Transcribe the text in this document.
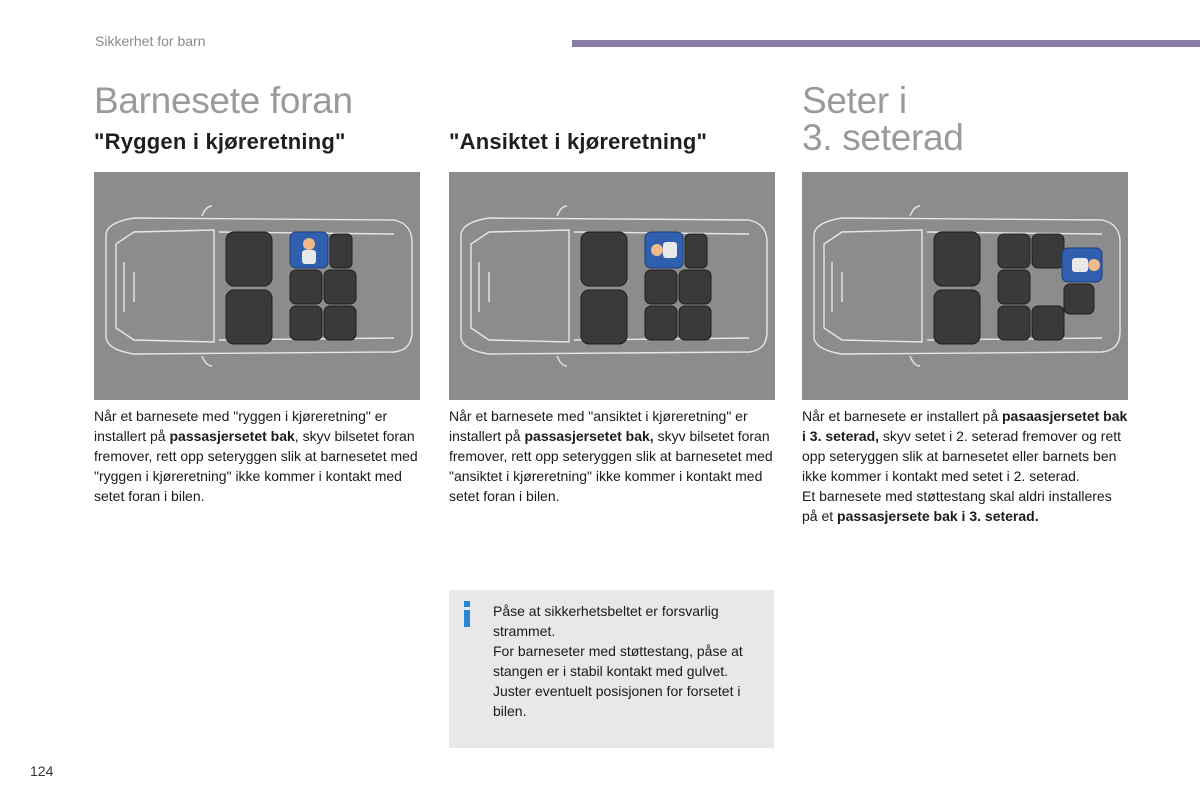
Sikkerhet for barn
Barnesete foran
"Ryggen i kjøreretning"
Når et barnesete med "ryggen i kjøreretning" er installert på passasjersetet bak, skyv bilsetet foran fremover, rett opp seteryggen slik at barnesetet med "ryggen i kjøreretning" ikke kommer i kontakt med setet foran i bilen.
"Ansiktet i kjøreretning"
Når et barnesete med "ansiktet i kjøreretning" er installert på passasjersetet bak, skyv bilsetet foran fremover, rett opp seteryggen slik at barnesetet med "ansiktet i kjøreretning" ikke kommer i kontakt med setet foran i bilen.
Påse at sikkerhetsbeltet er forsvarlig strammet.
For barneseter med støttestang, påse at stangen er i stabil kontakt med gulvet. Juster eventuelt posisjonen for forsetet i bilen.
Seter i
3. seterad
Når et barnesete er installert på pasaasjersetet bak i 3. seterad, skyv setet i 2. seterad fremover og rett opp seteryggen slik at barnesetet eller barnets ben ikke kommer i kontakt med setet i 2. seterad.
Et barnesete med støttestang skal aldri installeres på et passasjersete bak i 3. seterad.
124
